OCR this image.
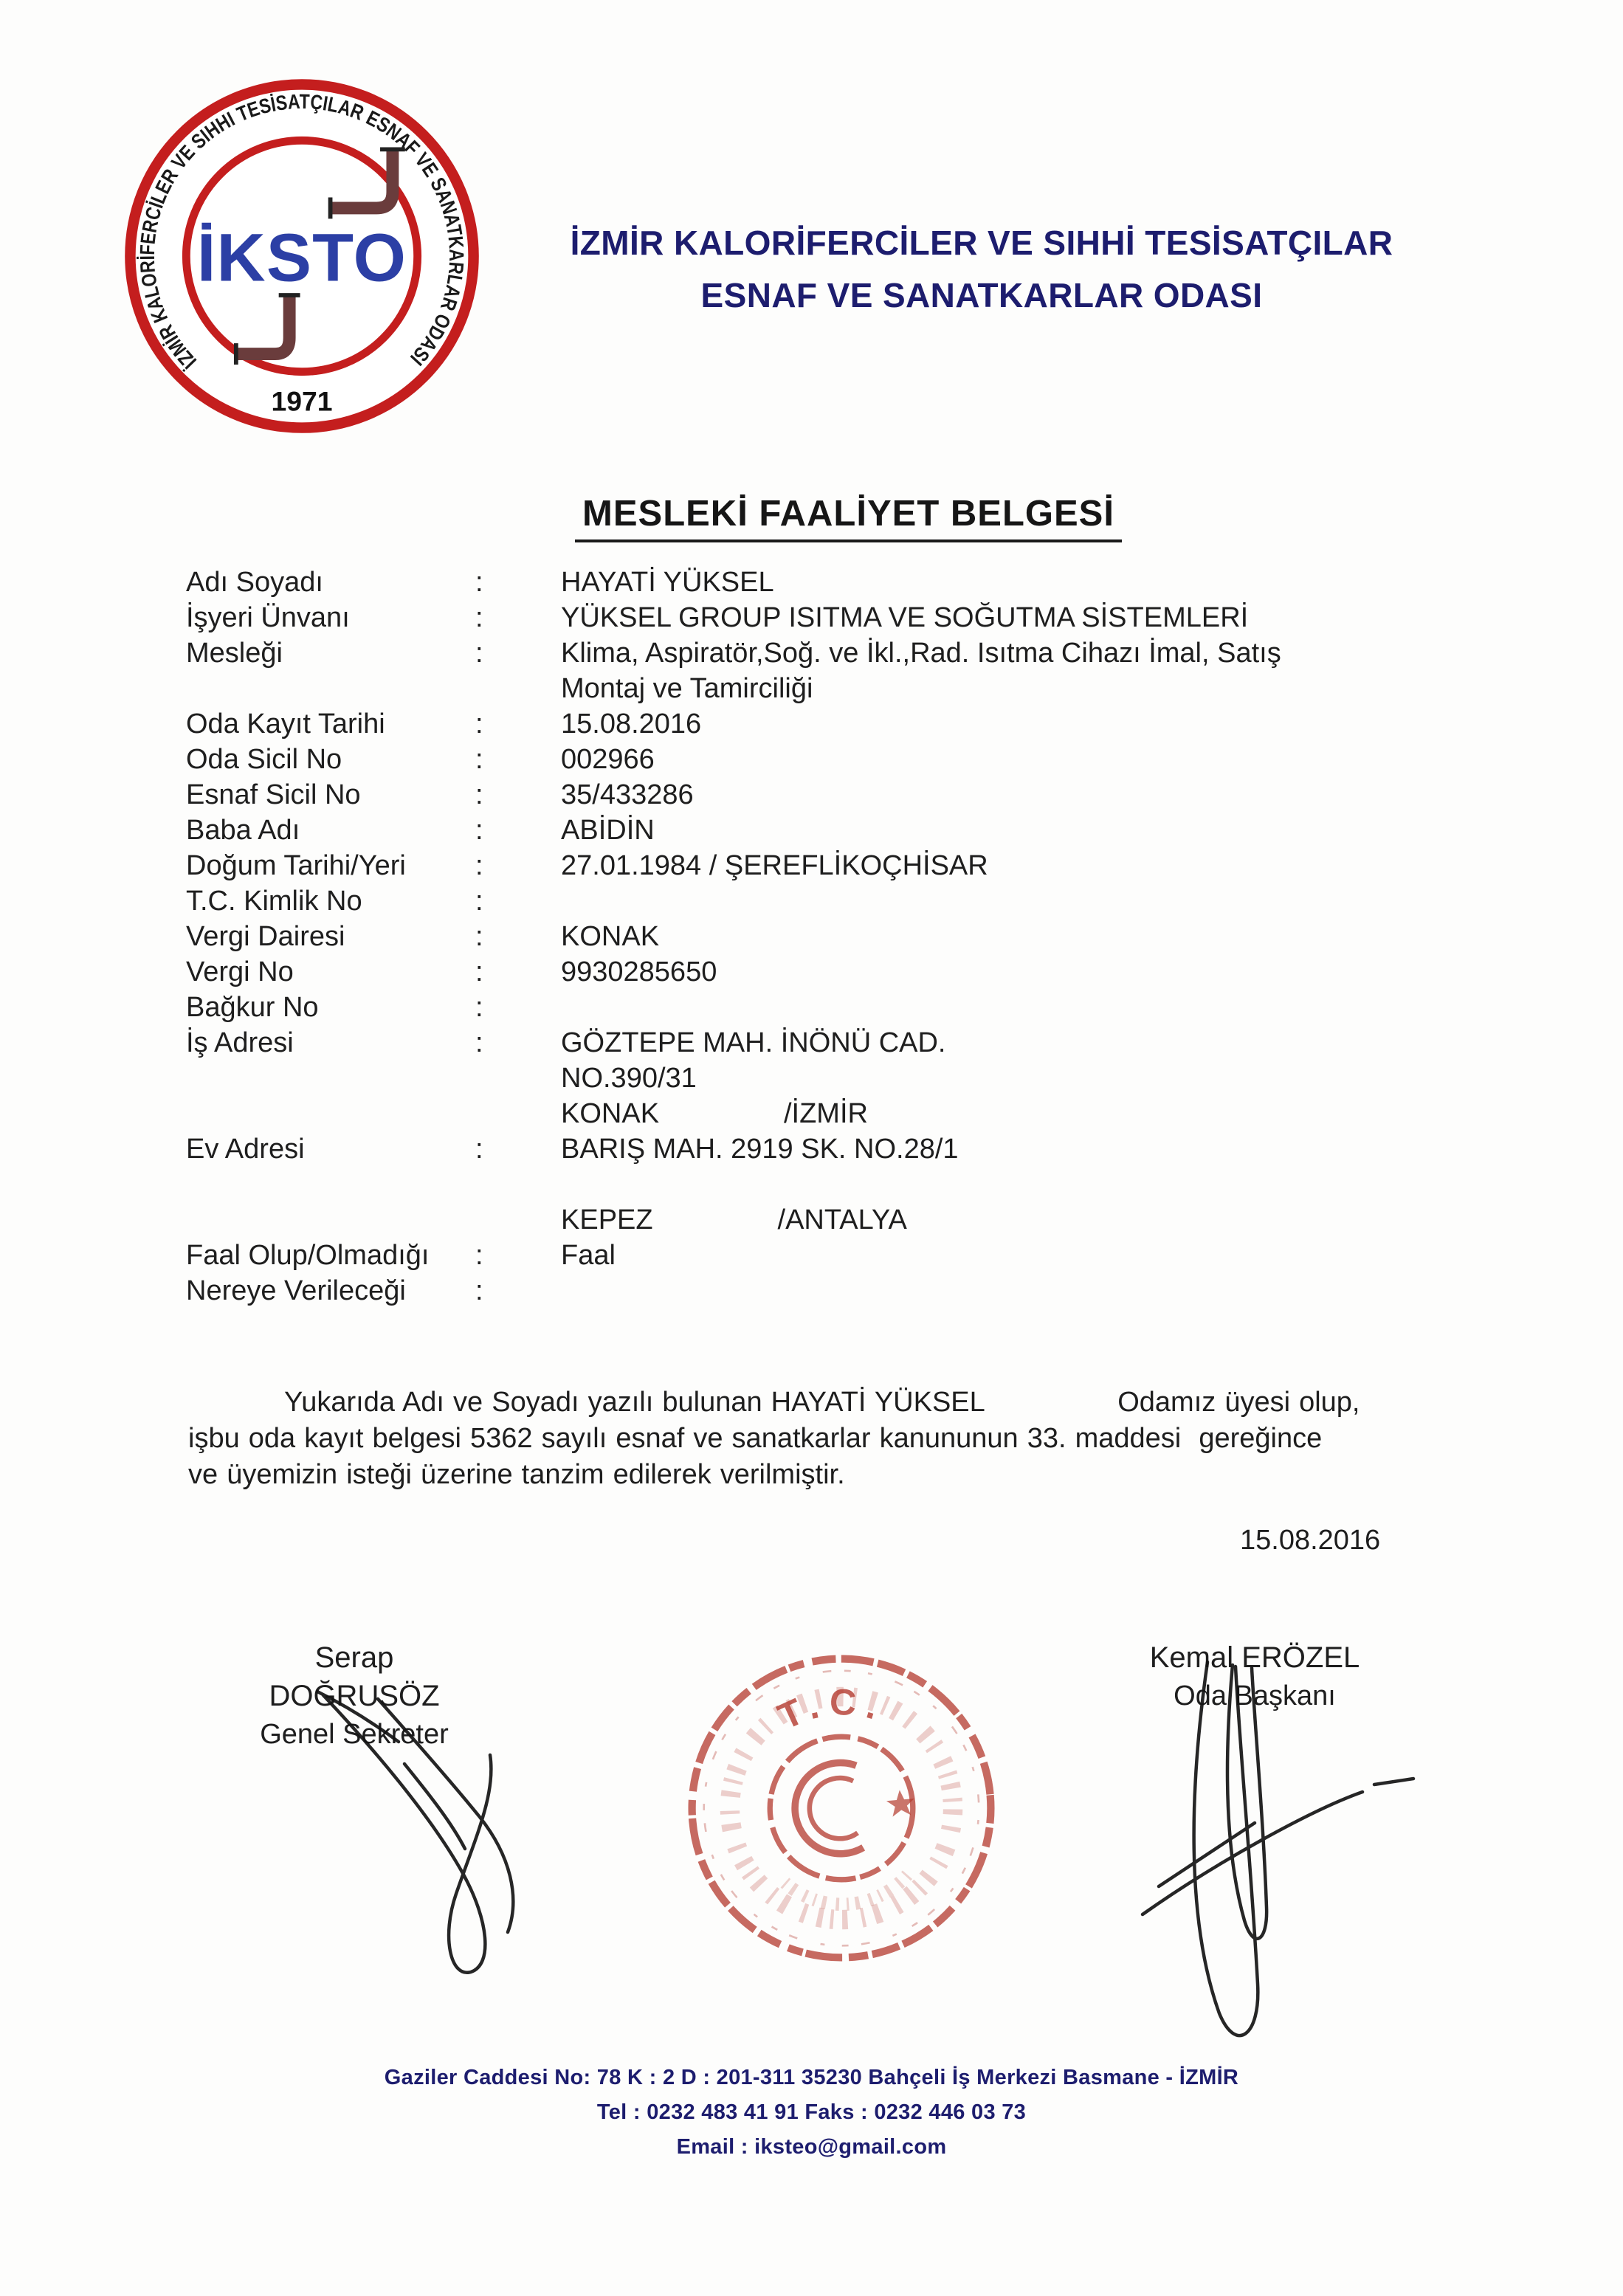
İZMİR KALORİFERCİLER VE SIHHI TESİSATÇILAR ESNAF VE SANATKARLAR ODASI
1971
İKSTO	İZMİR KALORİFERCİLER VE SIHHİ TESİSATÇILAR
ESNAF VE SANATKARLAR ODASI
MESLEKİ FAALİYET BELGESİ
Adı Soyadı	:	HAYATİ YÜKSEL
İşyeri Ünvanı	:	YÜKSEL GROUP ISITMA VE SOĞUTMA SİSTEMLERİ
Mesleği	:	Klima, Aspiratör,Soğ. ve İkl.,Rad. Isıtma Cihazı İmal, Satış
Montaj ve Tamirciliği
Oda Kayıt Tarihi	:	15.08.2016
Oda Sicil No	:	002966
Esnaf Sicil No	:	35/433286
Baba Adı	:	ABİDİN
Doğum Tarihi/Yeri	:	27.01.1984 / ŞEREFLİKOÇHİSAR
T.C. Kimlik No	:
Vergi Dairesi	:	KONAK
Vergi No	:	9930285650
Bağkur No	:
İş Adresi	:	GÖZTEPE MAH. İNÖNÜ CAD.
NO.390/31
KONAK                /İZMİR
Ev Adresi	:	BARIŞ MAH. 2919 SK. NO.28/1
KEPEZ                /ANTALYA
Faal Olup/Olmadığı	:	Faal
Nereye Verileceği	:
Yukarıda Adı ve Soyadı yazılı bulunan HAYATİ YÜKSEL               Odamız üyesi olup,
işbu oda kayıt belgesi 5362 sayılı esnaf ve sanatkarlar kanununun 33. maddesi  gereğince
ve üyemizin isteği üzerine tanzim edilerek verilmiştir.
15.08.2016
Serap DOĞRUSÖZ
Genel Sekreter
Kemal ERÖZEL
Oda Başkanı
T.C.
Gaziler Caddesi No: 78 K : 2 D : 201-311 35230 Bahçeli İş Merkezi Basmane - İZMİR
Tel : 0232 483 41 91 Faks : 0232 446 03 73
Email : iksteo@gmail.com
